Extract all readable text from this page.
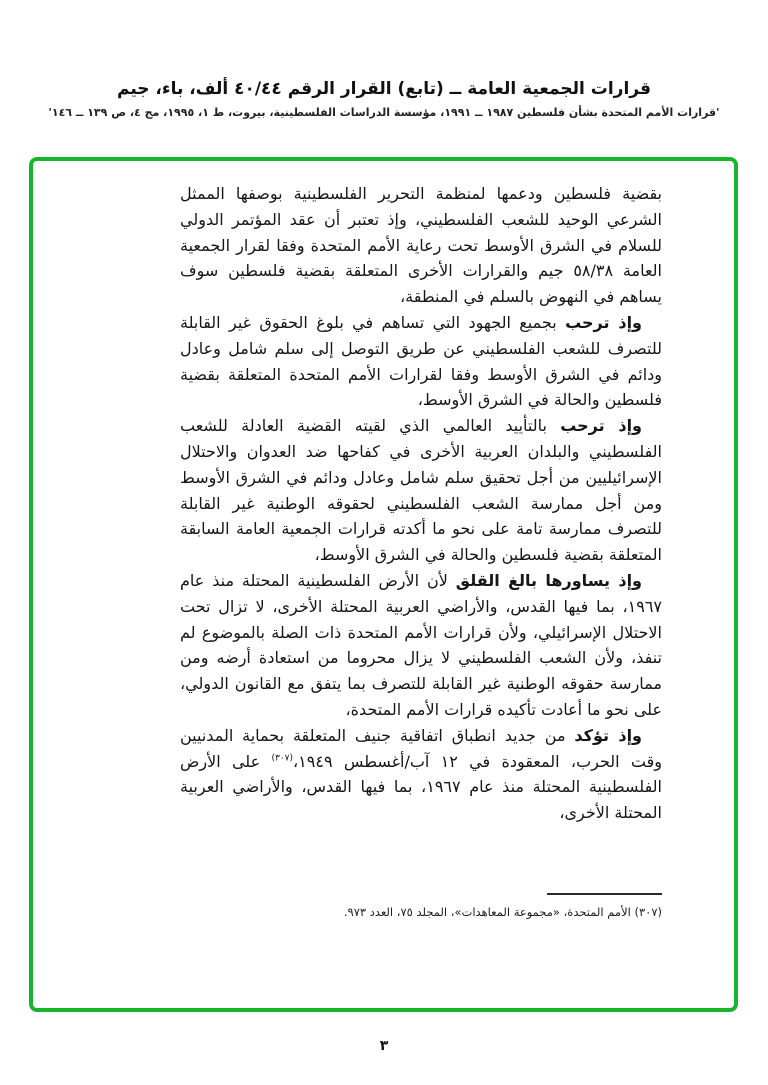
قرارات الجمعية العامة ــ (تابع) القرار الرقم ٤٠/٤٤ ألف، باء، جيم
'قرارات الأمم المتحدة بشأن فلسطين ١٩٨٧ ــ ١٩٩١، مؤسسة الدراسات الفلسطينية، بيروت، ط ١، ١٩٩٥، مج ٤، ص ١٣٩ ــ ١٤٦'

بقضية فلسطين ودعمها لمنظمة التحرير الفلسطينية بوصفها الممثل الشرعي الوحيد للشعب الفلسطيني، وإذ تعتبر أن عقد المؤتمر الدولي للسلام في الشرق الأوسط تحت رعاية الأمم المتحدة وفقا لقرار الجمعية العامة ٥٨/٣٨ جيم والقرارات الأخرى المتعلقة بقضية فلسطين سوف يساهم في النهوض بالسلم في المنطقة،

وإذ ترحب بجميع الجهود التي تساهم في بلوغ الحقوق غير القابلة للتصرف للشعب الفلسطيني عن طريق التوصل إلى سلم شامل وعادل ودائم في الشرق الأوسط وفقا لقرارات الأمم المتحدة المتعلقة بقضية فلسطين والحالة في الشرق الأوسط،

وإذ ترحب بالتأييد العالمي الذي لقيته القضية العادلة للشعب الفلسطيني والبلدان العربية الأخرى في كفاحها ضد العدوان والاحتلال الإسرائيليين من أجل تحقيق سلم شامل وعادل ودائم في الشرق الأوسط ومن أجل ممارسة الشعب الفلسطيني لحقوقه الوطنية غير القابلة للتصرف ممارسة تامة على نحو ما أكدته قرارات الجمعية العامة السابقة المتعلقة بقضية فلسطين والحالة في الشرق الأوسط،

وإذ يساورها بالغ القلق لأن الأرض الفلسطينية المحتلة منذ عام ١٩٦٧، بما فيها القدس، والأراضي العربية المحتلة الأخرى، لا تزال تحت الاحتلال الإسرائيلي، ولأن قرارات الأمم المتحدة ذات الصلة بالموضوع لم تنفذ، ولأن الشعب الفلسطيني لا يزال محروما من استعادة أرضه ومن ممارسة حقوقه الوطنية غير القابلة للتصرف بما يتفق مع القانون الدولي، على نحو ما أعادت تأكيده قرارات الأمم المتحدة،

وإذ تؤكد من جديد انطباق اتفاقية جنيف المتعلقة بحماية المدنيين وقت الحرب، المعقودة في ١٢ آب/أغسطس ١٩٤٩،$^{(٣٠٧)}$ على الأرض الفلسطينية المحتلة منذ عام ١٩٦٧، بما فيها القدس، والأراضي العربية المحتلة الأخرى،

(٣٠٧) الأمم المتحدة، «مجموعة المعاهدات»، المجلد ٧٥، العدد ٩٧٣.
٣
